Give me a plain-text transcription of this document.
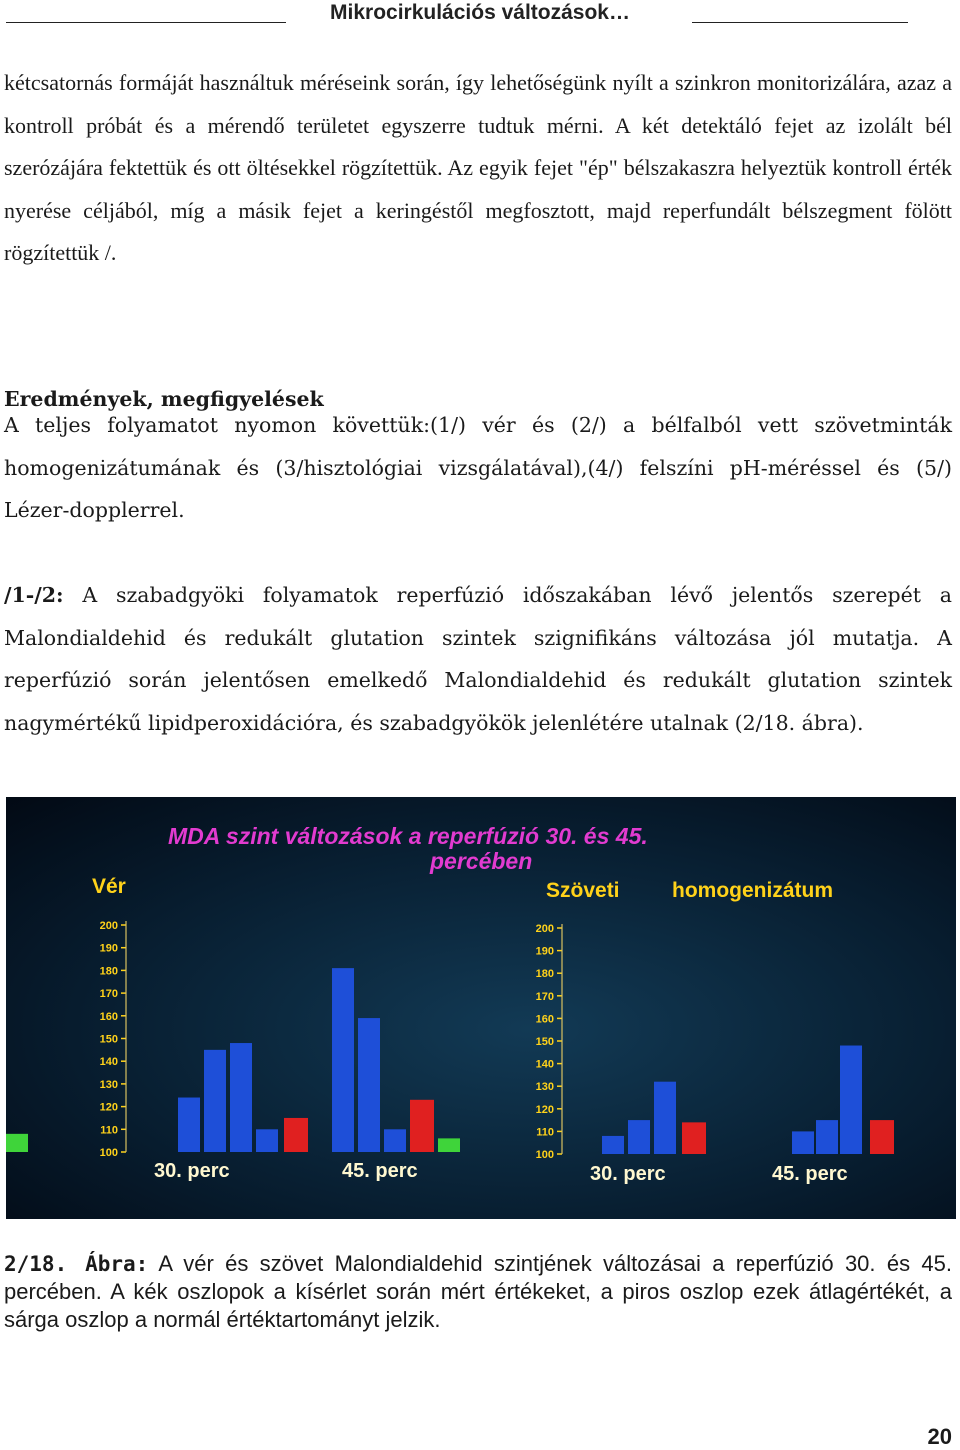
Mikrocirkulációs változások…

kétcsatornás formáját használtuk méréseink során, így lehetőségünk nyílt a szinkron monitorizálára, azaz a kontroll próbát és a mérendő területet egyszerre tudtuk mérni. A két detektáló fejet az izolált bél szerózájára fektettük és ott öltésekkel rögzítettük. Az egyik fejet "ép" bélszakaszra helyeztük kontroll érték nyerése céljából, míg a másik fejet a keringéstől megfosztott, majd reperfundált bélszegment fölött rögzítettük /.

Eredmények, megfigyelések

A teljes folyamatot nyomon követtük:(1/) vér és (2/) a bélfalból vett szövetminták homogenizátumának és (3/hisztológiai vizsgálatával),(4/) felszíni pH-méréssel és (5/) Lézer-dopplerrel.

/1-/2: A szabadgyöki folyamatok reperfúzió időszakában lévő jelentős szerepét a Malondialdehid és redukált glutation szintek szignifikáns változása jól mutatja. A reperfúzió során jelentősen emelkedő Malondialdehid és redukált glutation szintek nagymértékű lipidperoxidációra, és szabadgyökök jelenlétére utalnak (2/18. ábra).

MDA szint változások a reperfúzió 30. és 45.
percében
Vér
200
190
180
170
160
150
140
130
120
110
100
30. perc	45. perc
Szöveti homogenizátum
200
190
180
170
160
150
140
130
120
110
100
30. perc	45. perc

2/18. Ábra: A vér és szövet Malondialdehid szintjének változásai a reperfúzió 30. és 45. percében. A kék oszlopok a kísérlet során mért értékeket, a piros oszlop ezek átlagértékét, a sárga oszlop a normál értéktartományt jelzik.

20
